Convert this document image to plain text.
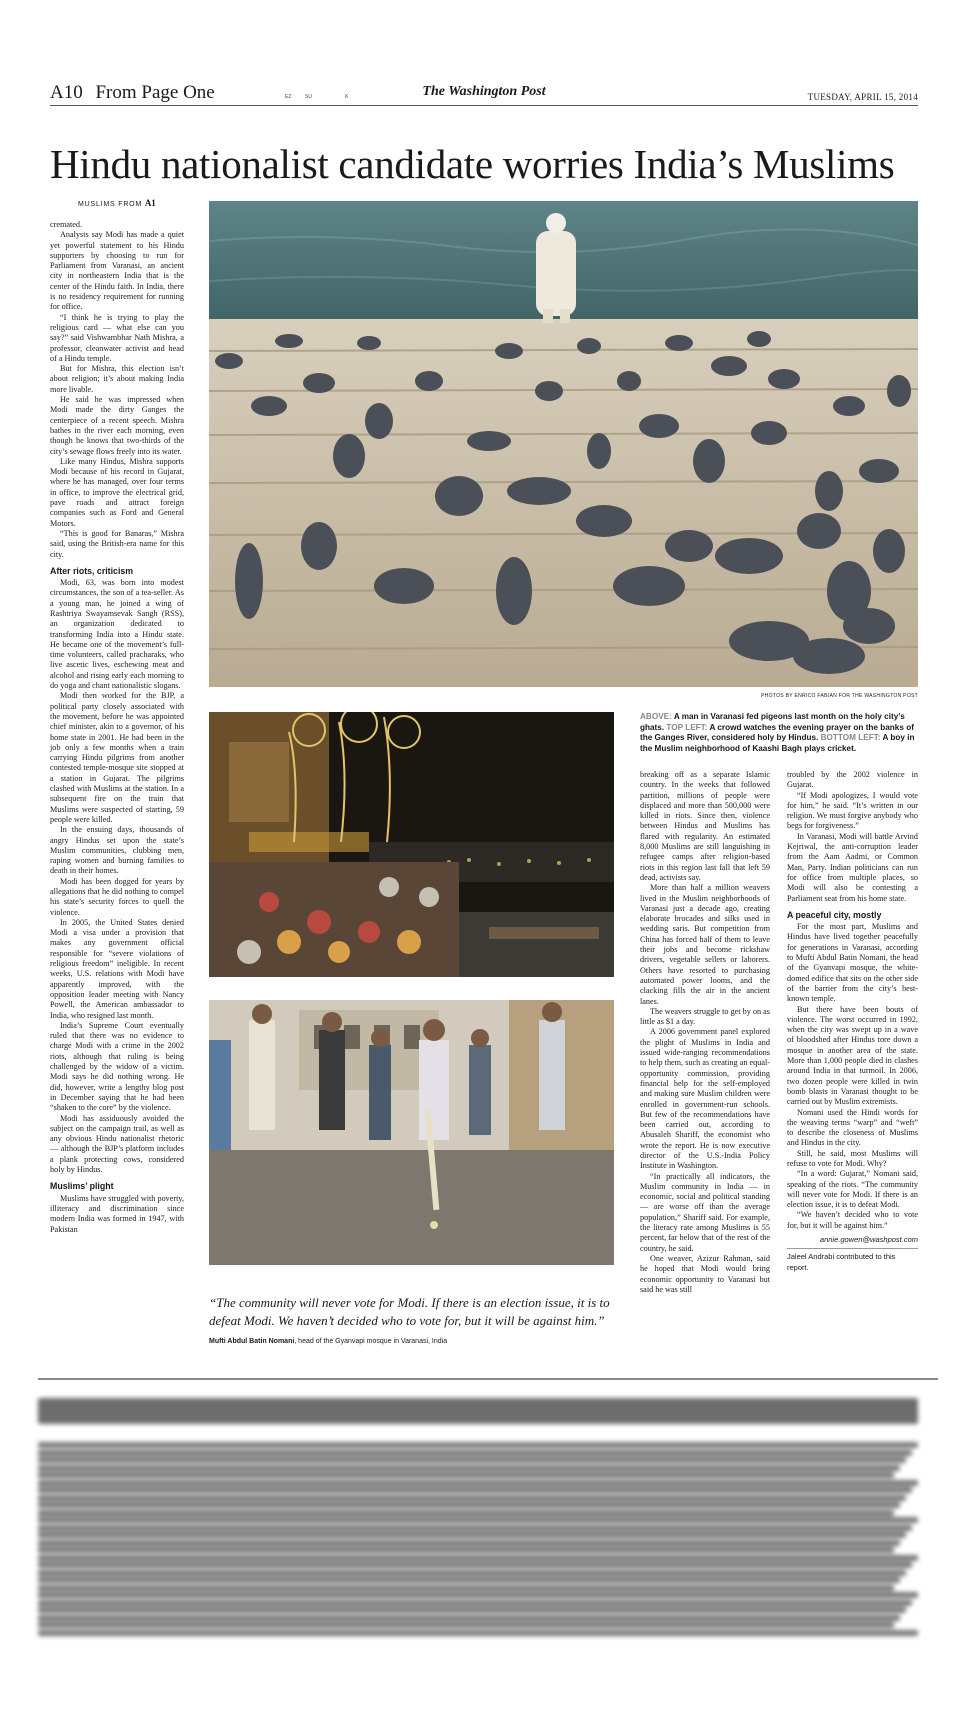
A10 From Page One	EZ	SU	K	The Washington Post	TUESDAY, APRIL 15, 2014
Hindu nationalist candidate worries India’s Muslims
MUSLIMS FROM A1

cremated.

Analysts say Modi has made a quiet yet powerful statement to his Hindu supporters by choosing to run for Parliament from Varanasi, an ancient city in northeastern India that is the center of the Hindu faith. In India, there is no residency requirement for running for office.

“I think he is trying to play the religious card — what else can you say?” said Vishwambhar Nath Mishra, a professor, cleanwater activist and head of a Hindu temple.

But for Mishra, this election isn’t about religion; it’s about making India more livable.

He said he was impressed when Modi made the dirty Ganges the centerpiece of a recent speech. Mishra bathes in the river each morning, even though he knows that two-thirds of the city’s sewage flows freely into its water.

Like many Hindus, Mishra supports Modi because of his record in Gujarat, where he has managed, over four terms in office, to improve the electrical grid, pave roads and attract foreign companies such as Ford and General Motors.

“This is good for Banaras,” Mishra said, using the British-era name for this city.

After riots, criticism

Modi, 63, was born into modest circumstances, the son of a tea-seller. As a young man, he joined a wing of Rashtriya Swayamsevak Sangh (RSS), an organization dedicated to transforming India into a Hindu state. He became one of the movement’s full-time volunteers, called pracharaks, who live ascetic lives, eschewing meat and alcohol and rising early each morning to do yoga and chant nationalistic slogans.

Modi then worked for the BJP, a political party closely associated with the movement, before he was appointed chief minister, akin to a governor, of his home state in 2001. He had been in the job only a few months when a train carrying Hindu pilgrims from another contested temple-mosque site stopped at a station in Gujarat. The pilgrims clashed with Muslims at the station. In a subsequent fire on the train that Muslims were suspected of starting, 59 people were killed.

In the ensuing days, thousands of angry Hindus set upon the state’s Muslim communities, clubbing men, raping women and burning families to death in their homes.

Modi has been dogged for years by allegations that he did nothing to compel his state’s security forces to quell the violence.

In 2005, the United States denied Modi a visa under a provision that makes any government official responsible for “severe violations of religious freedom” ineligible. In recent weeks, U.S. relations with Modi have apparently improved, with the opposition leader meeting with Nancy Powell, the American ambassador to India, who resigned last month.

India’s Supreme Court eventually ruled that there was no evidence to charge Modi with a crime in the 2002 riots, although that ruling is being challenged by the widow of a victim. Modi says he did nothing wrong. He did, however, write a lengthy blog post in December saying that he had been “shaken to the core” by the violence.

Modi has assiduously avoided the subject on the campaign trail, as well as any obvious Hindu nationalist rhetoric — although the BJP’s platform includes a plank protecting cows, considered holy by Hindus.

Muslims’ plight

Muslims have struggled with poverty, illiteracy and discrimination since modern India was formed in 1947, with Pakistan

PHOTOS BY ENRICO FABIAN FOR THE WASHINGTON POST
ABOVE: A man in Varanasi fed pigeons last month on the holy city’s ghats. TOP LEFT: A crowd watches the evening prayer on the banks of the Ganges River, considered holy by Hindus. BOTTOM LEFT: A boy in the Muslim neighborhood of Kaashi Bagh plays cricket.

breaking off as a separate Islamic country. In the weeks that followed partition, millions of people were displaced and more than 500,000 were killed in riots. Since then, violence between Hindus and Muslims has flared with regularity. An estimated 8,000 Muslims are still languishing in refugee camps after religion-based riots in this region last fall that left 59 dead, activists say.

More than half a million weavers lived in the Muslim neighborhoods of Varanasi just a decade ago, creating elaborate brocades and silks used in wedding saris. But competition from China has forced half of them to leave their jobs and become rickshaw drivers, vegetable sellers or laborers. Others have resorted to purchasing automated power looms, and the clacking fills the air in the ancient lanes.

The weavers struggle to get by on as little as $1 a day.

A 2006 government panel explored the plight of Muslims in India and issued wide-ranging recommendations to help them, such as creating an equal-opportunity commission, providing financial help for the self-employed and making sure Muslim children were enrolled in government-run schools. But few of the recommendations have been carried out, according to Abusaleh Shariff, the economist who wrote the report. He is now executive director of the U.S.-India Policy Institute in Washington.

“In practically all indicators, the Muslim community in India — in economic, social and political standing — are worse off than the average population,” Shariff said. For example, the literacy rate among Muslims is 55 percent, far below that of the rest of the country, he said.

One weaver, Azizur Rahman, said he hoped that Modi would bring economic opportunity to Varanasi but said he was still

troubled by the 2002 violence in Gujarat.

“If Modi apologizes, I would vote for him,” he said. “It’s written in our religion. We must forgive anybody who begs for forgiveness.”

In Varanasi, Modi will battle Arvind Kejriwal, the anti-corruption leader from the Aam Aadmi, or Common Man, Party. Indian politicians can run for office from multiple places, so Modi will also be contesting a Parliament seat from his home state.

A peaceful city, mostly

For the most part, Muslims and Hindus have lived together peacefully for generations in Varanasi, according to Mufti Abdul Batin Nomani, the head of the Gyanvapi mosque, the white-domed edifice that sits on the other side of the barrier from the city’s best-known temple.

But there have been bouts of violence. The worst occurred in 1992, when the city was swept up in a wave of bloodshed after Hindus tore down a mosque in another area of the state. More than 1,000 people died in clashes around India in that turmoil. In 2006, two dozen people were killed in twin bomb blasts in Varanasi thought to be carried out by Muslim extremists.

Nomani used the Hindi words for the weaving terms “warp” and “weft” to describe the closeness of Muslims and Hindus in the city.

Still, he said, most Muslims will refuse to vote for Modi. Why?

“In a word: Gujarat,” Nomani said, speaking of the riots. “The community will never vote for Modi. If there is an election issue, it is to defeat Modi.

“We haven’t decided who to vote for, but it will be against him.”

annie.gowen@washpost.com
Jaleel Andrabi contributed to this report.
“The community will never vote for Modi. If there is an election issue, it is to defeat Modi. We haven’t decided who to vote for, but it will be against him.”
Mufti Abdul Batin Nomani, head of the Gyanvapi mosque in Varanasi, India
